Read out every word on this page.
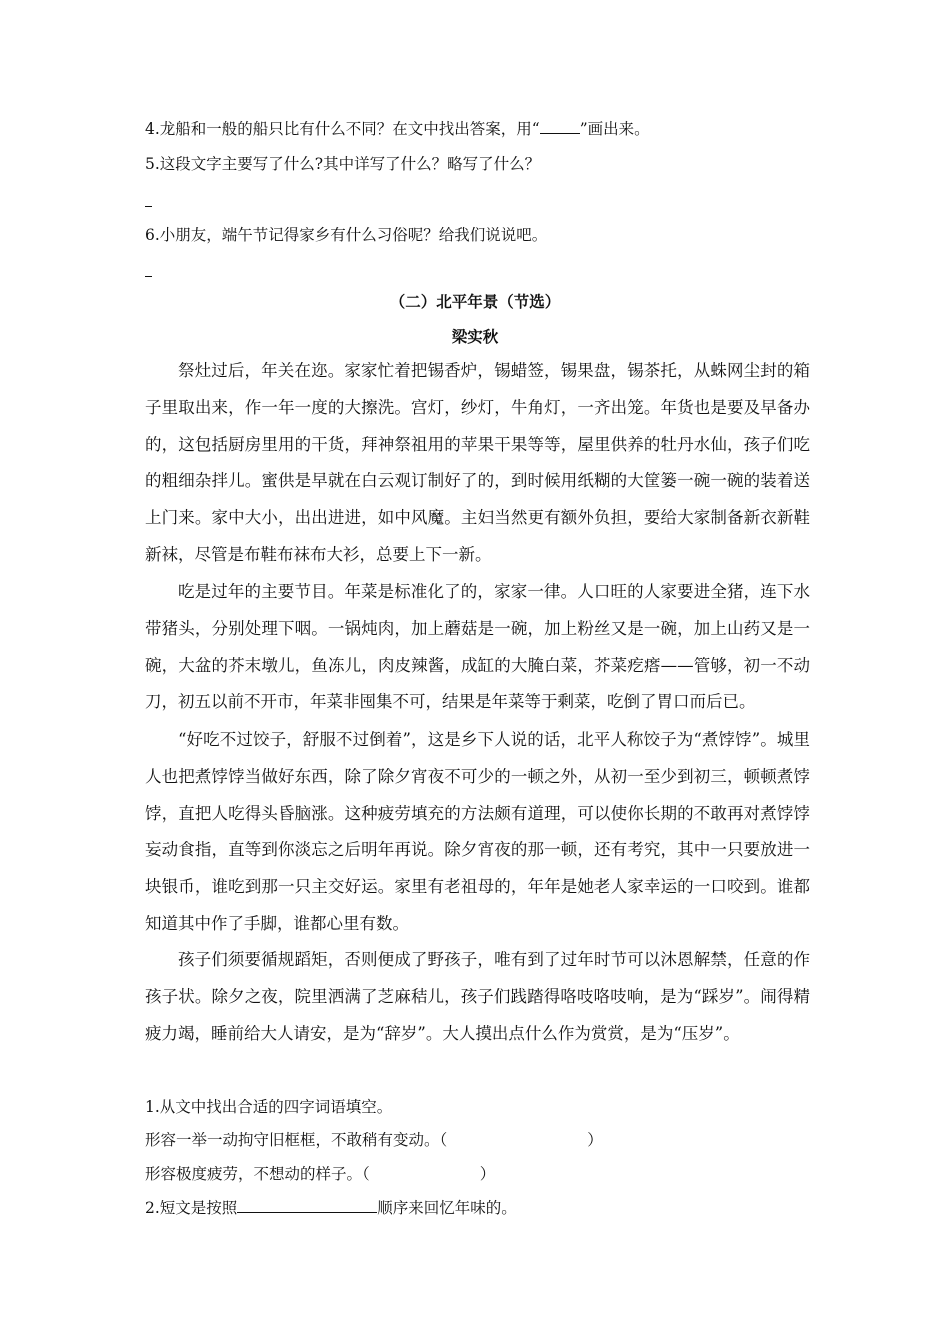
4.龙船和一般的船只比有什么不同？在文中找出答案，用“	”画出来。
5.这段文字主要写了什么?其中详写了什么？略写了什么？
6.小朋友，端午节记得家乡有什么习俗呢？给我们说说吧。
（二）北平年景（节选）
梁实秋
祭灶过后，年关在迩。家家忙着把锡香炉，锡蜡签，锡果盘，锡茶托，从蛛网尘封的箱子里取出来，作一年一度的大擦洗。宫灯，纱灯，牛角灯，一齐出笼。年货也是要及早备办的，这包括厨房里用的干货，拜神祭祖用的苹果干果等等，屋里供养的牡丹水仙，孩子们吃的粗细杂拌儿。蜜供是早就在白云观订制好了的，到时候用纸糊的大筐篓一碗一碗的装着送上门来。家中大小，出出进进，如中风魔。主妇当然更有额外负担，要给大家制备新衣新鞋新袜，尽管是布鞋布袜布大衫，总要上下一新。
吃是过年的主要节目。年菜是标准化了的，家家一律。人口旺的人家要进全猪，连下水带猪头，分别处理下咽。一锅炖肉，加上蘑菇是一碗，加上粉丝又是一碗，加上山药又是一碗，大盆的芥末墩儿，鱼冻儿，肉皮辣酱，成缸的大腌白菜，芥菜疙瘩——管够，初一不动刀，初五以前不开市，年菜非囤集不可，结果是年菜等于剩菜，吃倒了胃口而后已。
“好吃不过饺子，舒服不过倒着”，这是乡下人说的话，北平人称饺子为“煮饽饽”。城里人也把煮饽饽当做好东西，除了除夕宵夜不可少的一顿之外，从初一至少到初三，顿顿煮饽饽，直把人吃得头昏脑涨。这种疲劳填充的方法颇有道理，可以使你长期的不敢再对煮饽饽妄动食指，直等到你淡忘之后明年再说。除夕宵夜的那一顿，还有考究，其中一只要放进一块银币，谁吃到那一只主交好运。家里有老祖母的，年年是她老人家幸运的一口咬到。谁都知道其中作了手脚，谁都心里有数。
孩子们须要循规蹈矩，否则便成了野孩子，唯有到了过年时节可以沐恩解禁，任意的作孩子状。除夕之夜，院里洒满了芝麻秸儿，孩子们践踏得咯吱咯吱响，是为“踩岁”。闹得精疲力竭，睡前给大人请安，是为“辞岁”。大人摸出点什么作为赏赏，是为“压岁”。
1.从文中找出合适的四字词语填空。
形容一举一动拘守旧框框，不敢稍有变动。（	）
形容极度疲劳，不想动的样子。（	）
2.短文是按照	顺序来回忆年味的。
